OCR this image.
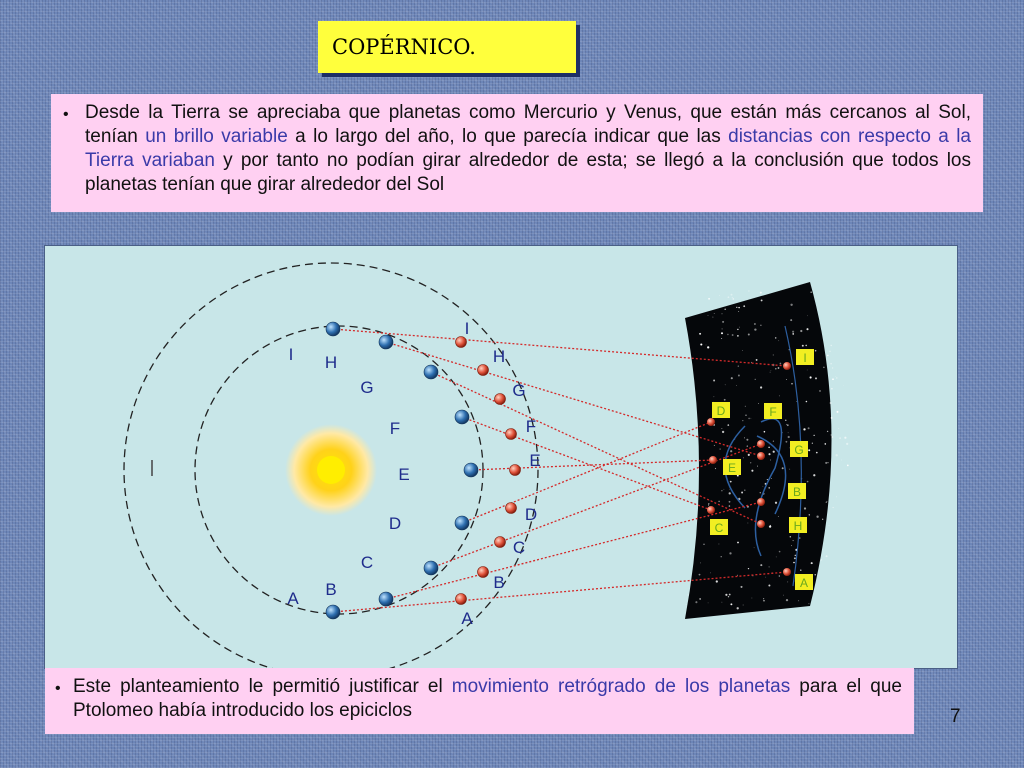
COPÉRNICO.
• Desde la Tierra se apreciaba que planetas como Mercurio y Venus, que están más cercanos al Sol, tenían un brillo variable a lo largo del año, lo que parecía indicar que las distancias con respecto a la Tierra variaban y por tanto no podían girar alrededor de esta; se llegó a la conclusión que todos los planetas tenían que girar alrededor del Sol
A B
C
D
E
F
G
H
I
A
B
C
D
E
F
G
H
I
A
B
C
D
E
F
G
H
I
• Este planteamiento le permitió justificar el movimiento retrógrado de los planetas para el que Ptolomeo había introducido los epiciclos	7
